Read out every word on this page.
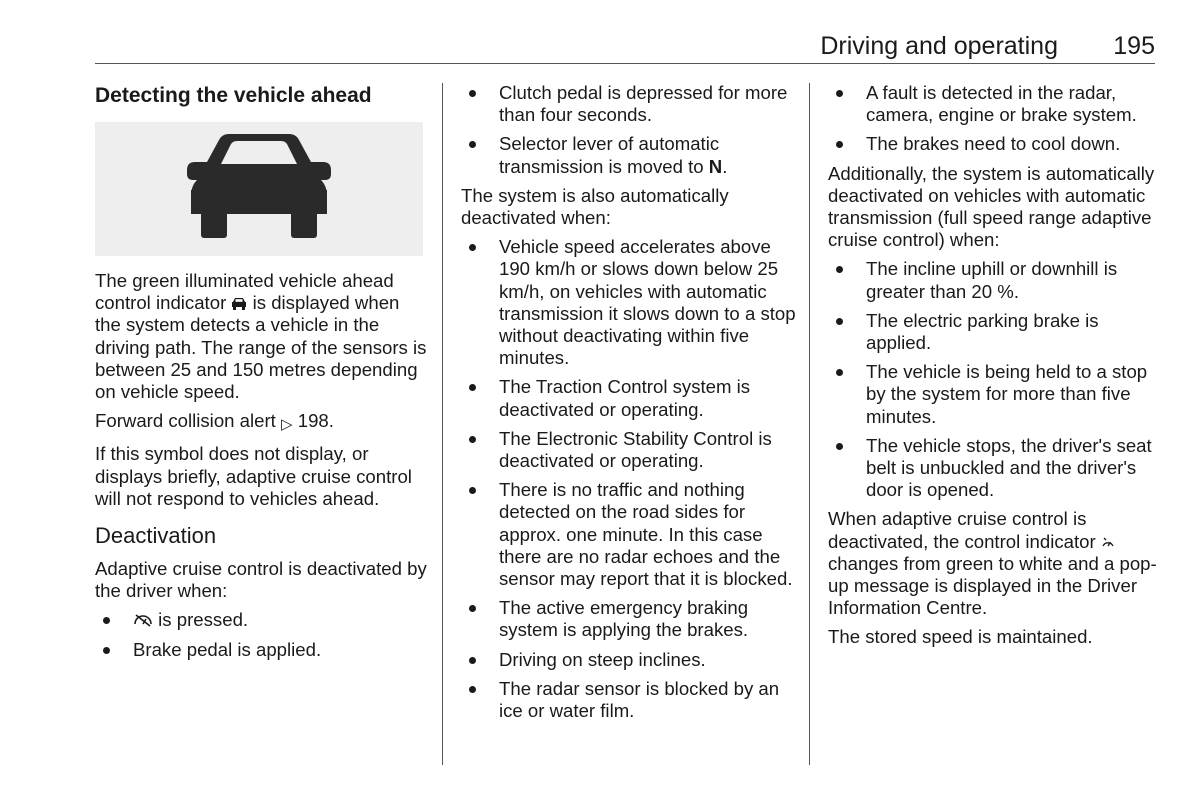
Driving and operating 195
Detecting the vehicle ahead

The green illuminated vehicle ahead control indicator is displayed when the system detects a vehicle in the driving path. The range of the sensors is between 25 and 150 metres depending on vehicle speed.

Forward collision alert ▷ 198.

If this symbol does not display, or displays briefly, adaptive cruise control will not respond to vehicles ahead.

Deactivation

Adaptive cruise control is deactivated by the driver when:

is pressed.
Brake pedal is applied.
Clutch pedal is depressed for more than four seconds.
Selector lever of automatic transmission is moved to N.

The system is also automatically deactivated when:

Vehicle speed accelerates above 190 km/h or slows down below 25 km/h, on vehicles with automatic transmission it slows down to a stop without deactivating within five minutes.
The Traction Control system is deactivated or operating.
The Electronic Stability Control is deactivated or operating.
There is no traffic and nothing detected on the road sides for approx. one minute. In this case there are no radar echoes and the sensor may report that it is blocked.
The active emergency braking system is applying the brakes.
Driving on steep inclines.
The radar sensor is blocked by an ice or water film.
A fault is detected in the radar, camera, engine or brake system.
The brakes need to cool down.

Additionally, the system is automatically deactivated on vehicles with automatic transmission (full speed range adaptive cruise control) when:

The incline uphill or downhill is greater than 20 %.
The electric parking brake is applied.
The vehicle is being held to a stop by the system for more than five minutes.
The vehicle stops, the driver's seat belt is unbuckled and the driver's door is opened.

When adaptive cruise control is deactivated, the control indicator  changes from green to white and a pop-up message is displayed in the Driver Information Centre.

The stored speed is maintained.
